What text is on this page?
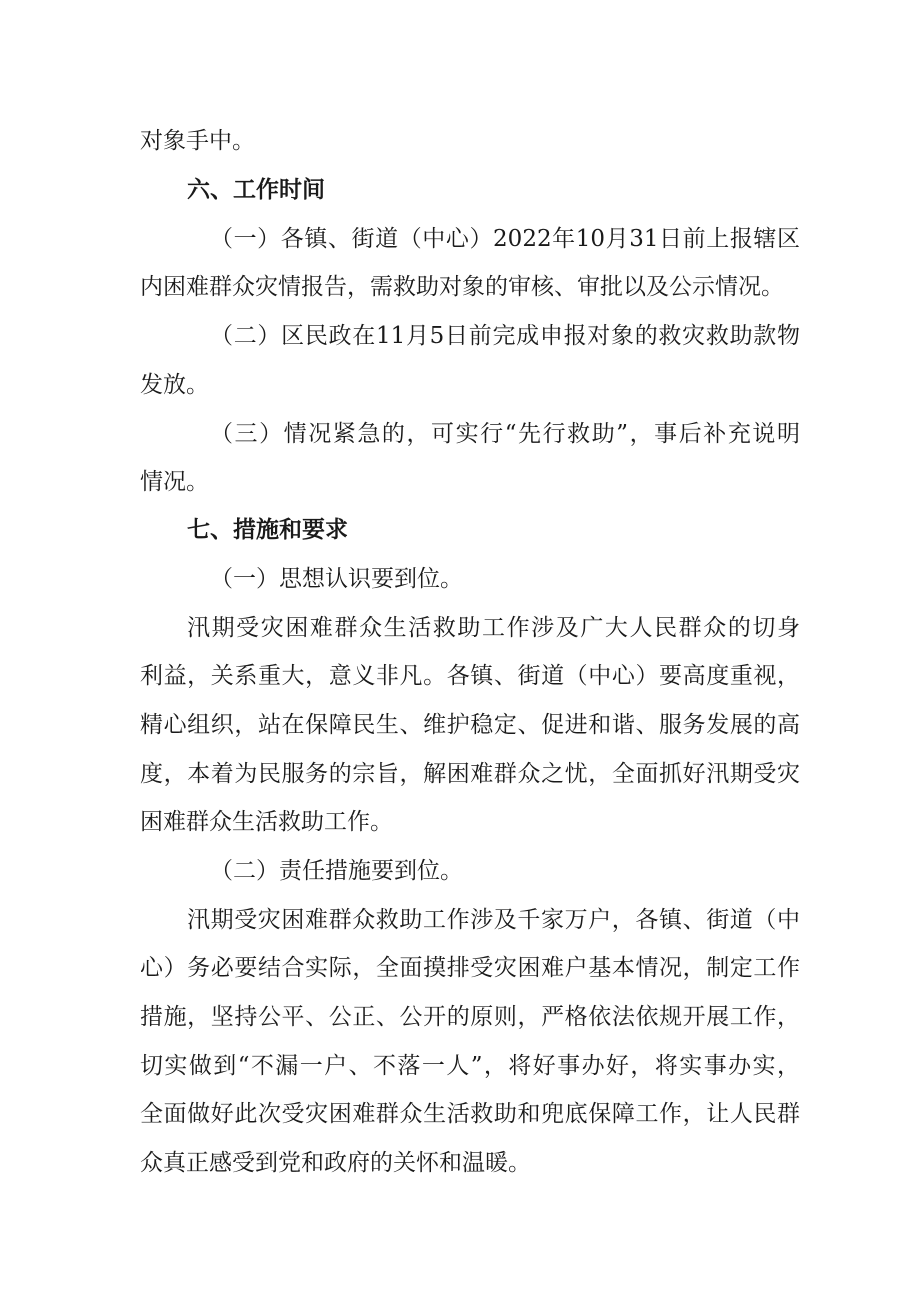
对象手中。
六、工作时间
（一）各镇、街道（中心）2022年10月31日前上报辖区
内困难群众灾情报告，需救助对象的审核、审批以及公示情况。
（二）区民政在11月5日前完成申报对象的救灾救助款物
发放。
（三）情况紧急的，可实行“先行救助”，事后补充说明
情况。
七、措施和要求
（一）思想认识要到位。
汛期受灾困难群众生活救助工作涉及广大人民群众的切身
利益，关系重大，意义非凡。各镇、街道（中心）要高度重视，
精心组织，站在保障民生、维护稳定、促进和谐、服务发展的高
度，本着为民服务的宗旨，解困难群众之忧，全面抓好汛期受灾
困难群众生活救助工作。
（二）责任措施要到位。
汛期受灾困难群众救助工作涉及千家万户，各镇、街道（中
心）务必要结合实际，全面摸排受灾困难户基本情况，制定工作
措施，坚持公平、公正、公开的原则，严格依法依规开展工作，
切实做到“不漏一户、不落一人”，将好事办好，将实事办实，
全面做好此次受灾困难群众生活救助和兜底保障工作，让人民群
众真正感受到党和政府的关怀和温暖。
